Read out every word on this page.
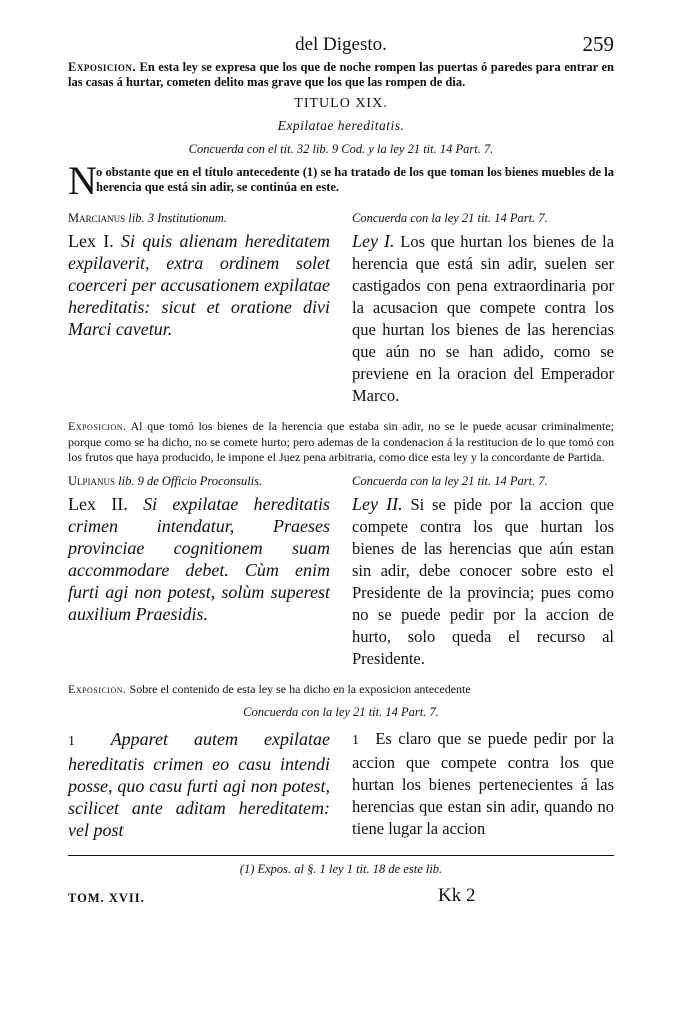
del Digesto.	259
Exposicion. En esta ley se expresa que los que de noche rompen las puertas ó paredes para entrar en las casas á hurtar, cometen delito mas grave que los que las rompen de dia.
TITULO XIX.
Expilatae hereditatis.
Concuerda con el tit. 32 lib. 9 Cod. y la ley 21 tit. 14 Part. 7.
N o obstante que en el título antecedente (1) se ha tratado de los que toman los bienes muebles de la herencia que está sin adir, se continúa en este.
Marcianus lib. 3 Institutionum.
Lex I. Si quis alienam hereditatem expilaverit, extra ordinem solet coerceri per accusationem expilatae hereditatis: sicut et oratione divi Marci cavetur.
Concuerda con la ley 21 tit. 14 Part. 7.
Ley I. Los que hurtan los bienes de la herencia que está sin adir, suelen ser castigados con pena extraordinaria por la acusacion que compete contra los que hurtan los bienes de las herencias que aún no se han adido, como se previene en la oracion del Emperador Marco.
Exposicion. Al que tomó los bienes de la herencia que estaba sin adir, no se le puede acusar criminalmente; porque como se ha dicho, no se comete hurto; pero ademas de la condenacion á la restitucion de lo que tomó con los frutos que haya producido, le impone el Juez pena arbitraria, como dice esta ley y la concordante de Partida.
Ulpianus lib. 9 de Officio Proconsulis.
Lex II. Si expilatae hereditatis crimen intendatur, Praeses provinciae cognitionem suam accommodare debet. Cùm enim furti agi non potest, solùm superest auxilium Praesidis.
Concuerda con la ley 21 tit. 14 Part. 7.
Ley II. Si se pide por la accion que compete contra los que hurtan los bienes de las herencias que aún estan sin adir, debe conocer sobre esto el Presidente de la provincia; pues como no se puede pedir por la accion de hurto, solo queda el recurso al Presidente.
Exposicion. Sobre el contenido de esta ley se ha dicho en la exposicion antecedente
Concuerda con la ley 21 tit. 14 Part. 7.
1 Apparet autem expilatae hereditatis crimen eo casu intendi posse, quo casu furti agi non potest, scilicet ante aditam hereditatem: vel post
1 Es claro que se puede pedir por la accion que compete contra los que hurtan los bienes pertenecientes á las herencias que estan sin adir, quando no tiene lugar la accion
(1) Expos. al §. 1 ley 1 tit. 18 de este lib.
TOM. XVII.	Kk 2
